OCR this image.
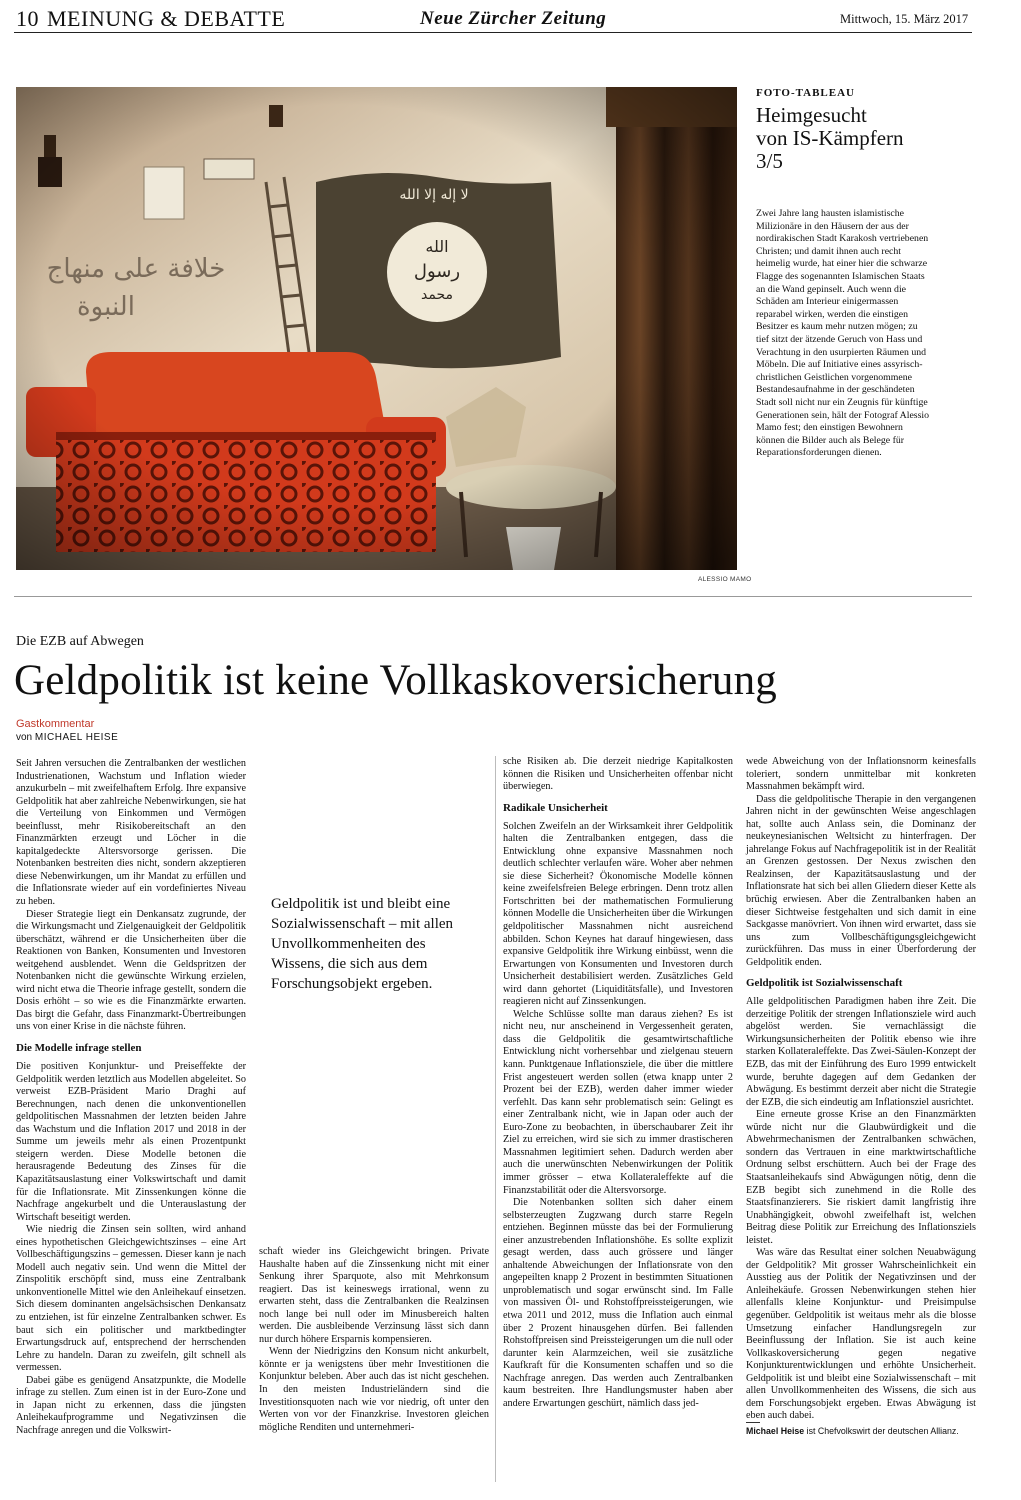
10 MEINUNG & DEBATTE	Neue Zürcher Zeitung	Mittwoch, 15. März 2017
ALESSIO MAMO
FOTO-TABLEAU
Heimgesucht
von IS-Kämpfern
3/5
Zwei Jahre lang hausten islamistische Milizionäre in den Häusern der aus der nordirakischen Stadt Karakosh vertriebenen Christen; und damit ihnen auch recht heimelig wurde, hat einer hier die schwarze Flagge des sogenannten Islamischen Staats an die Wand gepinselt. Auch wenn die Schäden am Interieur einigermassen reparabel wirken, werden die einstigen Besitzer es kaum mehr nutzen mögen; zu tief sitzt der ätzende Geruch von Hass und Verachtung in den usurpierten Räumen und Möbeln. Die auf Initiative eines assyrisch-christlichen Geistlichen vorgenommene Bestandesaufnahme in der geschändeten Stadt soll nicht nur ein Zeugnis für künftige Generationen sein, hält der Fotograf Alessio Mamo fest; den einstigen Bewohnern können die Bilder auch als Belege für Reparationsforderungen dienen.
Die EZB auf Abwegen
Geldpolitik ist keine Vollkaskoversicherung
Gastkommentar
von MICHAEL HEISE

Seit Jahren versuchen die Zentralbanken der westlichen Industrienationen, Wachstum und Inflation wieder anzukurbeln – mit zweifelhaftem Erfolg. Ihre expansive Geldpolitik hat aber zahlreiche Nebenwirkungen, sie hat die Verteilung von Einkommen und Vermögen beeinflusst, mehr Risikobereitschaft an den Finanzmärkten erzeugt und Löcher in die kapitalgedeckte Altersvorsorge gerissen. Die Notenbanken bestreiten dies nicht, sondern akzeptieren diese Nebenwirkungen, um ihr Mandat zu erfüllen und die Inflationsrate wieder auf ein vordefiniertes Niveau zu heben.

Dieser Strategie liegt ein Denkansatz zugrunde, der die Wirkungsmacht und Zielgenauigkeit der Geldpolitik überschätzt, während er die Unsicherheiten über die Reaktionen von Banken, Konsumenten und Investoren weitgehend ausblendet. Wenn die Geldspritzen der Notenbanken nicht die gewünschte Wirkung erzielen, wird nicht etwa die Theorie infrage gestellt, sondern die Dosis erhöht – so wie es die Finanzmärkte erwarten. Das birgt die Gefahr, dass Finanzmarkt-Übertreibungen uns von einer Krise in die nächste führen.

Die Modelle infrage stellen

Die positiven Konjunktur- und Preiseffekte der Geldpolitik werden letztlich aus Modellen abgeleitet. So verweist EZB-Präsident Mario Draghi auf Berechnungen, nach denen die unkonventionellen geldpolitischen Massnahmen der letzten beiden Jahre das Wachstum und die Inflation 2017 und 2018 in der Summe um jeweils mehr als einen Prozentpunkt steigern werden. Diese Modelle betonen die herausragende Bedeutung des Zinses für die Kapazitätsauslastung einer Volkswirtschaft und damit für die Inflationsrate. Mit Zinssenkungen könne die Nachfrage angekurbelt und die Unterauslastung der Wirtschaft beseitigt werden.

Wie niedrig die Zinsen sein sollten, wird anhand eines hypothetischen Gleichgewichtszinses – eine Art Vollbeschäftigungszins – gemessen. Dieser kann je nach Modell auch negativ sein. Und wenn die Mittel der Zinspolitik erschöpft sind, muss eine Zentralbank unkonventionelle Mittel wie den Anleihekauf einsetzen. Sich diesem dominanten angelsächsischen Denkansatz zu entziehen, ist für einzelne Zentralbanken schwer. Es baut sich ein politischer und marktbedingter Erwartungsdruck auf, entsprechend der herrschenden Lehre zu handeln. Daran zu zweifeln, gilt schnell als vermessen.

Dabei gäbe es genügend Ansatzpunkte, die Modelle infrage zu stellen. Zum einen ist in der Euro-Zone und in Japan nicht zu erkennen, dass die jüngsten Anleihekaufprogramme und Negativzinsen die Nachfrage anregen und die Volkswirt-

Geldpolitik ist und bleibt eine Sozialwissenschaft – mit allen Unvollkommenheiten des Wissens, die sich aus dem Forschungsobjekt ergeben.

schaft wieder ins Gleichgewicht bringen. Private Haushalte haben auf die Zinssenkung nicht mit einer Senkung ihrer Sparquote, also mit Mehrkonsum reagiert. Das ist keineswegs irrational, wenn zu erwarten steht, dass die Zentralbanken die Realzinsen noch lange bei null oder im Minusbereich halten werden. Die ausbleibende Verzinsung lässt sich dann nur durch höhere Ersparnis kompensieren.

Wenn der Niedrigzins den Konsum nicht ankurbelt, könnte er ja wenigstens über mehr Investitionen die Konjunktur beleben. Aber auch das ist nicht geschehen. In den meisten Industrieländern sind die Investitionsquoten nach wie vor niedrig, oft unter den Werten von vor der Finanzkrise. Investoren gleichen mögliche Renditen und unternehmeri-

sche Risiken ab. Die derzeit niedrige Kapitalkosten können die Risiken und Unsicherheiten offenbar nicht überwiegen.

Radikale Unsicherheit

Solchen Zweifeln an der Wirksamkeit ihrer Geldpolitik halten die Zentralbanken entgegen, dass die Entwicklung ohne expansive Massnahmen noch deutlich schlechter verlaufen wäre. Woher aber nehmen sie diese Sicherheit? Ökonomische Modelle können keine zweifelsfreien Belege erbringen. Denn trotz allen Fortschritten bei der mathematischen Formulierung können Modelle die Unsicherheiten über die Wirkungen geldpolitischer Massnahmen nicht ausreichend abbilden. Schon Keynes hat darauf hingewiesen, dass expansive Geldpolitik ihre Wirkung einbüsst, wenn die Erwartungen von Konsumenten und Investoren durch Unsicherheit destabilisiert werden. Zusätzliches Geld wird dann gehortet (Liquiditätsfalle), und Investoren reagieren nicht auf Zinssenkungen.

Welche Schlüsse sollte man daraus ziehen? Es ist nicht neu, nur anscheinend in Vergessenheit geraten, dass die Geldpolitik die gesamtwirtschaftliche Entwicklung nicht vorhersehbar und zielgenau steuern kann. Punktgenaue Inflationsziele, die über die mittlere Frist angesteuert werden sollen (etwa knapp unter 2 Prozent bei der EZB), werden daher immer wieder verfehlt. Das kann sehr problematisch sein: Gelingt es einer Zentralbank nicht, wie in Japan oder auch der Euro-Zone zu beobachten, in überschaubarer Zeit ihr Ziel zu erreichen, wird sie sich zu immer drastischeren Massnahmen legitimiert sehen. Dadurch werden aber auch die unerwünschten Nebenwirkungen der Politik immer grösser – etwa Kollateraleffekte auf die Finanzstabilität oder die Altersvorsorge.

Die Notenbanken sollten sich daher einem selbsterzeugten Zugzwang durch starre Regeln entziehen. Beginnen müsste das bei der Formulierung einer anzustrebenden Inflationshöhe. Es sollte explizit gesagt werden, dass auch grössere und länger anhaltende Abweichungen der Inflationsrate von den angepeilten knapp 2 Prozent in bestimmten Situationen unproblematisch und sogar erwünscht sind. Im Falle von massiven Öl- und Rohstoffpreissteigerungen, wie etwa 2011 und 2012, muss die Inflation auch einmal über 2 Prozent hinausgehen dürfen. Bei fallenden Rohstoffpreisen sind Preissteigerungen um die null oder darunter kein Alarmzeichen, weil sie zusätzliche Kaufkraft für die Konsumenten schaffen und so die Nachfrage anregen. Das werden auch Zentralbanken kaum bestreiten. Ihre Handlungsmuster haben aber andere Erwartungen geschürt, nämlich dass jed-

wede Abweichung von der Inflationsnorm keinesfalls toleriert, sondern unmittelbar mit konkreten Massnahmen bekämpft wird.

Dass die geldpolitische Therapie in den vergangenen Jahren nicht in der gewünschten Weise angeschlagen hat, sollte auch Anlass sein, die Dominanz der neukeynesianischen Weltsicht zu hinterfragen. Der jahrelange Fokus auf Nachfragepolitik ist in der Realität an Grenzen gestossen. Der Nexus zwischen den Realzinsen, der Kapazitätsauslastung und der Inflationsrate hat sich bei allen Gliedern dieser Kette als brüchig erwiesen. Aber die Zentralbanken haben an dieser Sichtweise festgehalten und sich damit in eine Sackgasse manövriert. Von ihnen wird erwartet, dass sie uns zum Vollbeschäftigungsgleichgewicht zurückführen. Das muss in einer Überforderung der Geldpolitik enden.

Geldpolitik ist Sozialwissenschaft

Alle geldpolitischen Paradigmen haben ihre Zeit. Die derzeitige Politik der strengen Inflationsziele wird auch abgelöst werden. Sie vernachlässigt die Wirkungsunsicherheiten der Politik ebenso wie ihre starken Kollateraleffekte. Das Zwei-Säulen-Konzept der EZB, das mit der Einführung des Euro 1999 entwickelt wurde, beruhte dagegen auf dem Gedanken der Abwägung. Es bestimmt derzeit aber nicht die Strategie der EZB, die sich eindeutig am Inflationsziel ausrichtet.

Eine erneute grosse Krise an den Finanzmärkten würde nicht nur die Glaubwürdigkeit und die Abwehrmechanismen der Zentralbanken schwächen, sondern das Vertrauen in eine marktwirtschaftliche Ordnung selbst erschüttern. Auch bei der Frage des Staatsanleihekaufs sind Abwägungen nötig, denn die EZB begibt sich zunehmend in die Rolle des Staatsfinanzierers. Sie riskiert damit langfristig ihre Unabhängigkeit, obwohl zweifelhaft ist, welchen Beitrag diese Politik zur Erreichung des Inflationsziels leistet.

Was wäre das Resultat einer solchen Neuabwägung der Geldpolitik? Mit grosser Wahrscheinlichkeit ein Ausstieg aus der Politik der Negativzinsen und der Anleihekäufe. Grossen Nebenwirkungen stehen hier allenfalls kleine Konjunktur- und Preisimpulse gegenüber. Geldpolitik ist weitaus mehr als die blosse Umsetzung einfacher Handlungsregeln zur Beeinflussung der Inflation. Sie ist auch keine Vollkaskoversicherung gegen negative Konjunkturentwicklungen und erhöhte Unsicherheit. Geldpolitik ist und bleibt eine Sozialwissenschaft – mit allen Unvollkommenheiten des Wissens, die sich aus dem Forschungsobjekt ergeben. Etwas Abwägung ist eben auch dabei.

Michael Heise ist Chefvolkswirt der deutschen Allianz.
